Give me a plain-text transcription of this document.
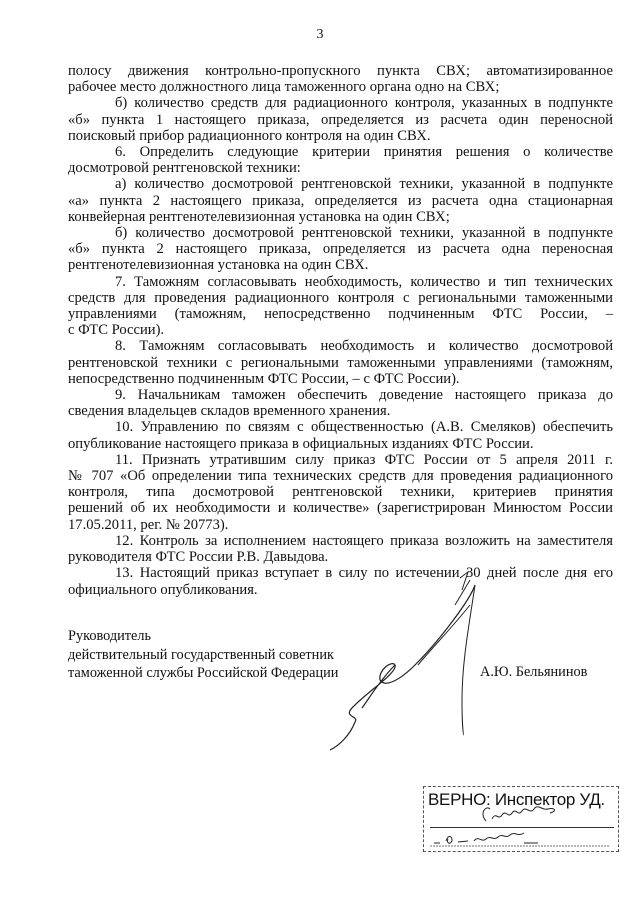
3
полосу движения контрольно-пропускного пункта СВХ; автоматизированное
рабочее место должностного лица таможенного органа одно на СВХ;
б) количество средств для радиационного контроля, указанных в подпункте
«б» пункта 1 настоящего приказа, определяется из расчета один переносной
поисковый прибор радиационного контроля на один СВХ.
6. Определить следующие критерии принятия решения о количестве
досмотровой рентгеновской техники:
а) количество досмотровой рентгеновской техники, указанной в подпункте
«а» пункта 2 настоящего приказа, определяется из расчета одна стационарная
конвейерная рентгенотелевизионная установка на один СВХ;
б) количество досмотровой рентгеновской техники, указанной в подпункте
«б» пункта 2 настоящего приказа, определяется из расчета одна переносная
рентгенотелевизионная установка на один СВХ.
7. Таможням согласовывать необходимость, количество и тип технических
средств для проведения радиационного контроля с региональными таможенными
управлениями (таможням, непосредственно подчиненным ФТС России, –
с ФТС России).
8. Таможням согласовывать необходимость и количество досмотровой
рентгеновской техники с региональными таможенными управлениями (таможням,
непосредственно подчиненным ФТС России, – с ФТС России).
9. Начальникам таможен обеспечить доведение настоящего приказа до
сведения владельцев складов временного хранения.
10. Управлению по связям с общественностью (А.В. Смеляков) обеспечить
опубликование настоящего приказа в официальных изданиях ФТС России.
11. Признать утратившим силу приказ ФТС России от 5 апреля 2011 г.
№ 707 «Об определении типа технических средств для проведения радиационного
контроля, типа досмотровой рентгеновской техники, критериев принятия
решений об их необходимости и количестве» (зарегистрирован Минюстом России
17.05.2011, рег. № 20773).
12. Контроль за исполнением настоящего приказа возложить на заместителя
руководителя ФТС России Р.В. Давыдова.
13. Настоящий приказ вступает в силу по истечении 30 дней после дня его
официального опубликования.
Руководитель
действительный государственный советник
таможенной службы Российской Федерации	А.Ю. Бельянинов
ВЕРНО: Инспектор УД.
